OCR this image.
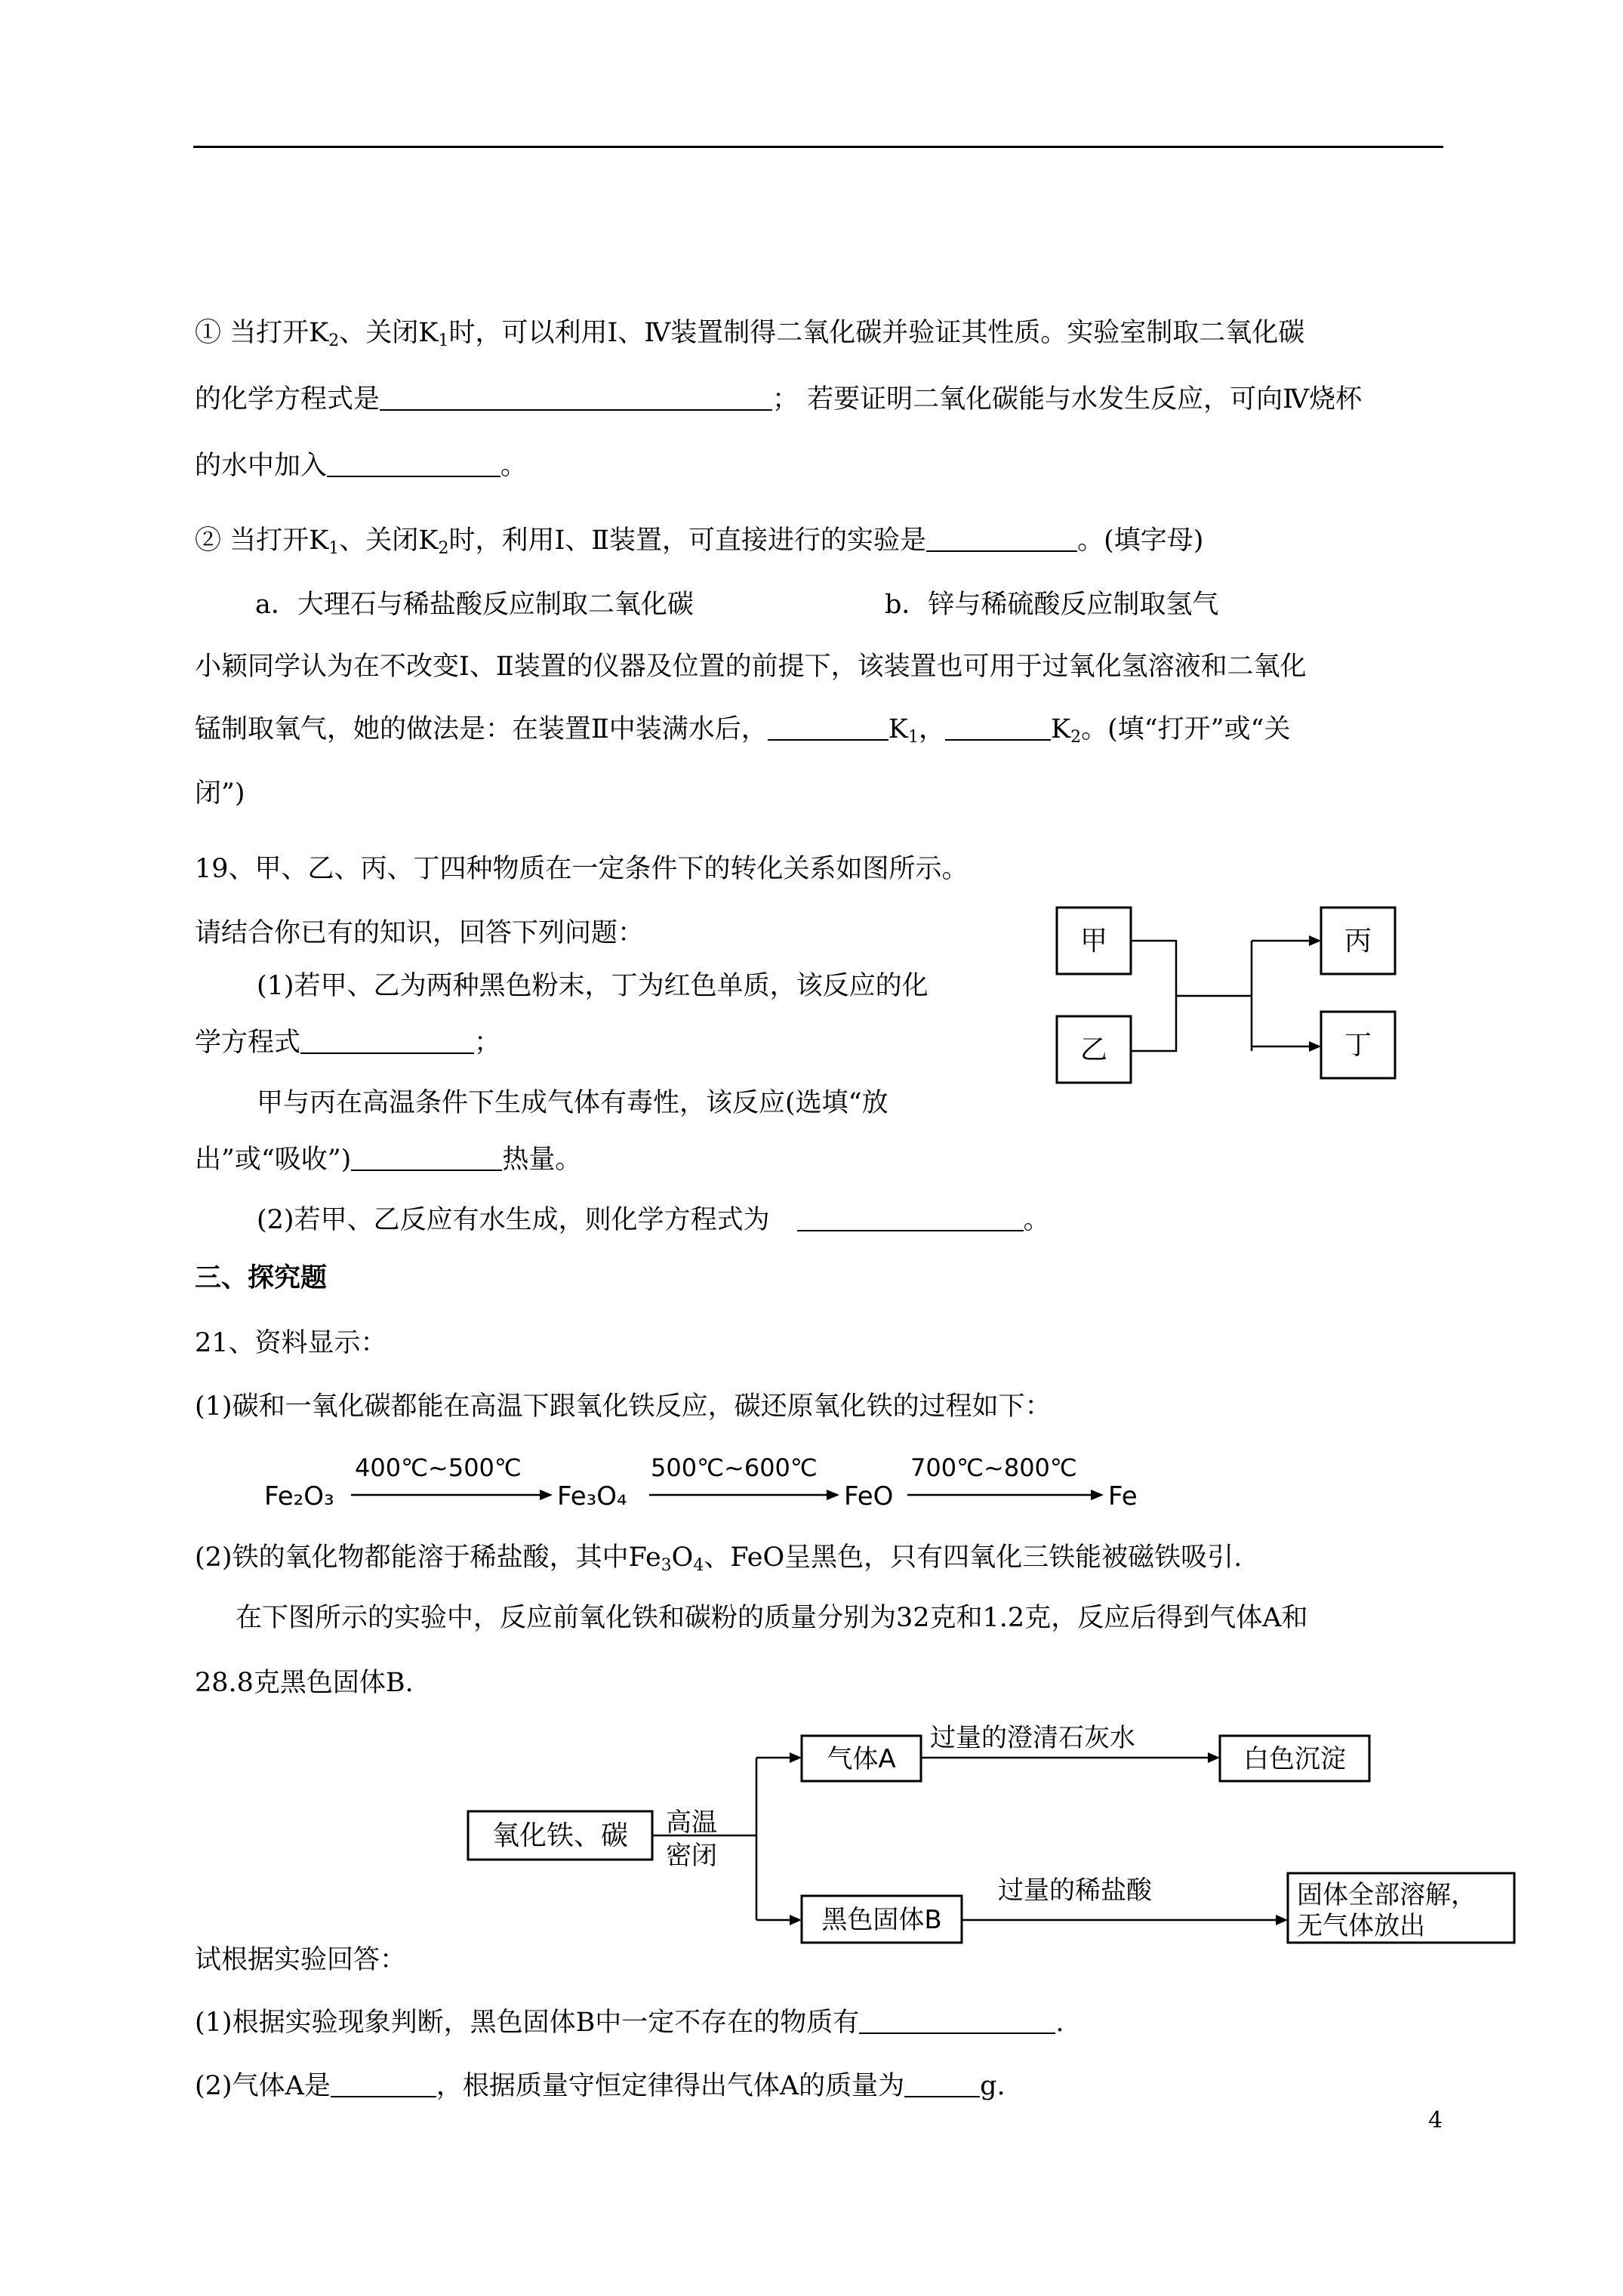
① 当打开$K_2$、关闭$K_1$时，可以利用Ⅰ、Ⅳ装置制得二氧化碳并验证其性质。实验室制取二氧化碳
的化学方程式是	； 若要证明二氧化碳能与水发生反应，可向Ⅳ烧杯
的水中加入	。
② 当打开$K_1$、关闭$K_2$时，利用Ⅰ、Ⅱ装置，可直接进行的实验是	。(填字母)
a．大理石与稀盐酸反应制取二氧化碳	b．锌与稀硫酸反应制取氢气
小颖同学认为在不改变Ⅰ、Ⅱ装置的仪器及位置的前提下，该装置也可用于过氧化氢溶液和二氧化
锰制取氧气，她的做法是：在装置Ⅱ中装满水后，	$K_1$，	$K_2$。(填“打开”或“关
闭”)
19、甲、乙、丙、丁四种物质在一定条件下的转化关系如图所示。
请结合你已有的知识，回答下列问题：
(1)若甲、乙为两种黑色粉末，丁为红色单质，该反应的化
学方程式	；
甲与丙在高温条件下生成气体有毒性，该反应(选填“放
出”或“吸收”)	热量。
(2)若甲、乙反应有水生成，则化学方程式为	。
甲
乙
丙
丁
三、探究题
21、资料显示：
(1)碳和一氧化碳都能在高温下跟氧化铁反应，碳还原氧化铁的过程如下：
Fe₂O₃
400℃~500℃
Fe₃O₄
500℃~600℃
FeO
700℃~800℃
Fe
(2)铁的氧化物都能溶于稀盐酸，其中$Fe_3O_4$、FeO呈黑色，只有四氧化三铁能被磁铁吸引.
在下图所示的实验中，反应前氧化铁和碳粉的质量分别为32克和1.2克，反应后得到气体A和
28.8克黑色固体B.
氧化铁、碳 高温
密闭
气体A
过量的澄清石灰水
白色沉淀
黑色固体B
过量的稀盐酸	固体全部溶解，
无气体放出
试根据实验回答：
(1)根据实验现象判断，黑色固体B中一定不存在的物质有	.
(2)气体A是	，根据质量守恒定律得出气体A的质量为	g.
4
